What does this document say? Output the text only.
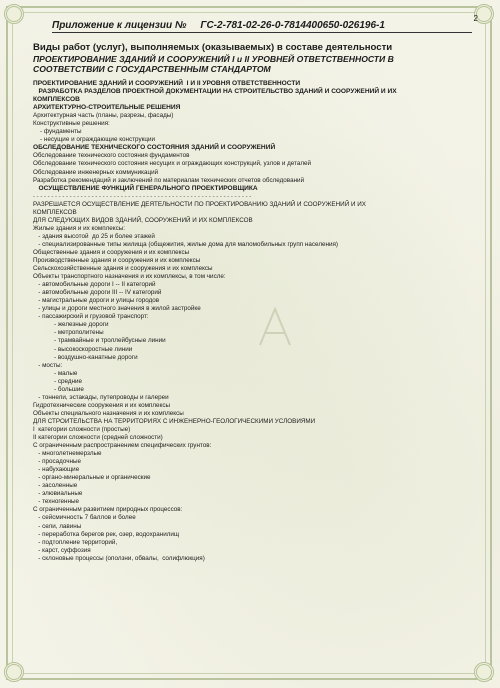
2
Приложение к лицензии № ГС-2-781-02-26-0-7814400650-026196-1
Виды работ (услуг), выполняемых (оказываемых) в составе деятельности
ПРОЕКТИРОВАНИЕ ЗДАНИЙ И СООРУЖЕНИЙ I и II УРОВНЕЙ ОТВЕТСТВЕННОСТИ В
СООТВЕТСТВИИ С ГОСУДАРСТВЕННЫМ СТАНДАРТОМ
ПРОЕКТИРОВАНИЕ ЗДАНИЙ И СООРУЖЕНИЙ  I И II УРОВНЯ ОТВЕТСТВЕННОСТИ
РАЗРАБОТКА РАЗДЕЛОВ ПРОЕКТНОЙ ДОКУМЕНТАЦИИ НА СТРОИТЕЛЬСТВО ЗДАНИЙ И СООРУЖЕНИЙ И ИХ
КОМПЛЕКСОВ
АРХИТЕКТУРНО-СТРОИТЕЛЬНЫЕ РЕШЕНИЯ
Архитектурная часть (планы, разрезы, фасады)
Конструктивные решения:
- фундаменты
- несущие и ограждающие конструкции
ОБСЛЕДОВАНИЕ ТЕХНИЧЕСКОГО СОСТОЯНИЯ ЗДАНИЙ И СООРУЖЕНИЙ
Обследование технического состояния фундаментов
Обследование технического состояния несущих и ограждающих конструкций, узлов и деталей
Обследование инженерных коммуникаций
Разработка рекомендаций и заключений по материалам технических отчетов обследований
ОСУЩЕСТВЛЕНИЕ ФУНКЦИЙ ГЕНЕРАЛЬНОГО ПРОЕКТИРОВЩИКА
- - - - - - - - - - - - - - - - - - - - - - - - - - - - - - - - - - - - - - - - - - - - - - - - - - - - - - - - - - - -
РАЗРЕШАЕТСЯ ОСУЩЕСТВЛЕНИЕ ДЕЯТЕЛЬНОСТИ ПО ПРОЕКТИРОВАНИЮ ЗДАНИЙ И СООРУЖЕНИЙ И ИХ
КОМПЛЕКСОВ
ДЛЯ СЛЕДУЮЩИХ ВИДОВ ЗДАНИЙ, СООРУЖЕНИЙ И ИХ КОМПЛЕКСОВ
Жилые здания и их комплексы:
- здания высотой  до 25 и более этажей
- специализированные типы жилища (общежития, жилые дома для маломобильных групп населения)
Общественные здания и сооружения и их комплексы
Производственные здания и сооружения и их комплексы
Сельскохозяйственные здания и сооружения и их комплексы
Объекты транспортного назначения и их комплексы, в том числе:
- автомобильные дороги I -- II категорий
- автомобильные дороги III -- IV категорий
- магистральные дороги и улицы городов
- улицы и дороги местного значения в жилой застройке
- пассажирский и грузовой транспорт:
- железные дороги
- метрополитены
- трамвайные и троллейбусные линии
- высокоскоростные линии
- воздушно-канатные дороги
- мосты:
- малые
- средние
- большие
- тоннели, эстакады, путепроводы и галереи
Гидротехнические сооружения и их комплексы
Объекты специального назначения и их комплексы
ДЛЯ СТРОИТЕЛЬСТВА НА ТЕРРИТОРИЯХ С ИНЖЕНЕРНО-ГЕОЛОГИЧЕСКИМИ УСЛОВИЯМИ
I  категории сложности (простые)
II категории сложности (средней сложности)
С ограниченным распространением специфических грунтов:
- многолетнемерзлые
- просадочные
- набухающие
- органо-минеральные и органические
- засоленные
- элювиальные
- техногенные
С ограниченным развитием природных процессов:
- сейсмичность 7 баллов и более
- сели, лавины
- переработка берегов рек, озер, водохранилищ
- подтопление территорий,
- карст, суффозия
- склоновые процессы (оползни, обвалы,  солифлюкция)
